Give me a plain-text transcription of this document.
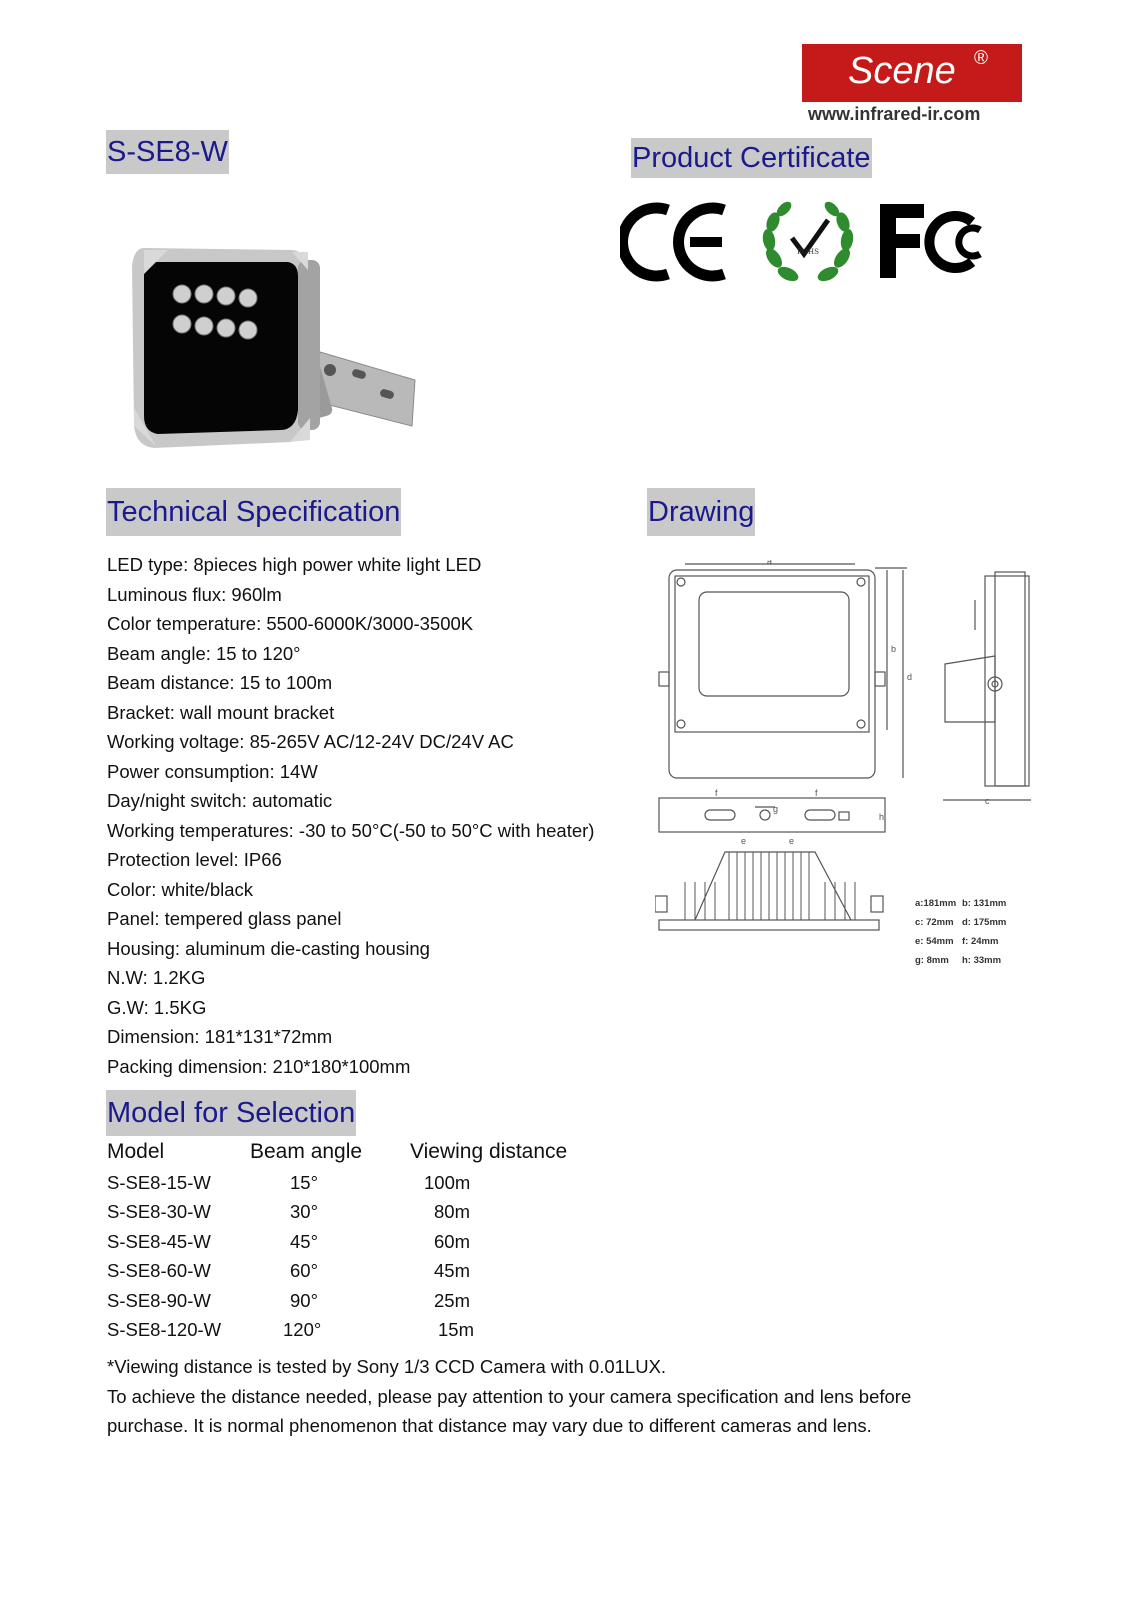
Scene ®
www.infrared-ir.com
S-SE8-W	Product Certificate
Technical Specification	Drawing
Model for Selection
ROHS
LED type: 8pieces high power white light LED
Luminous flux: 960lm
Color temperature: 5500-6000K/3000-3500K
Beam angle: 15 to 120°
Beam distance: 15 to 100m
Bracket: wall mount bracket
Working voltage: 85-265V AC/12-24V DC/24V AC
Power consumption: 14W
Day/night switch: automatic
Working temperatures: -30 to 50°C(-50 to 50°C with heater)
Protection level: IP66
Color: white/black
Panel: tempered glass panel
Housing: aluminum die-casting housing
N.W: 1.2KG
G.W: 1.5KG
Dimension: 181*131*72mm
Packing dimension: 210*180*100mm
a
b
d
c
f	f
g
e	e
h
a:181mm b: 131mm
c: 72mm d: 175mm
e: 54mm f: 24mm
g: 8mm h: 33mm
Model	Beam angle	Viewing distance
S-SE8-15-W	15°	100m
S-SE8-30-W	30°	80m
S-SE8-45-W	45°	60m
S-SE8-60-W	60°	45m
S-SE8-90-W	90°	25m
S-SE8-120-W	120°	15m
*Viewing distance is tested by Sony 1/3 CCD Camera with 0.01LUX.
To achieve the distance needed, please pay attention to your camera specification and lens before
purchase. It is normal phenomenon that distance may vary due to different cameras and lens.
